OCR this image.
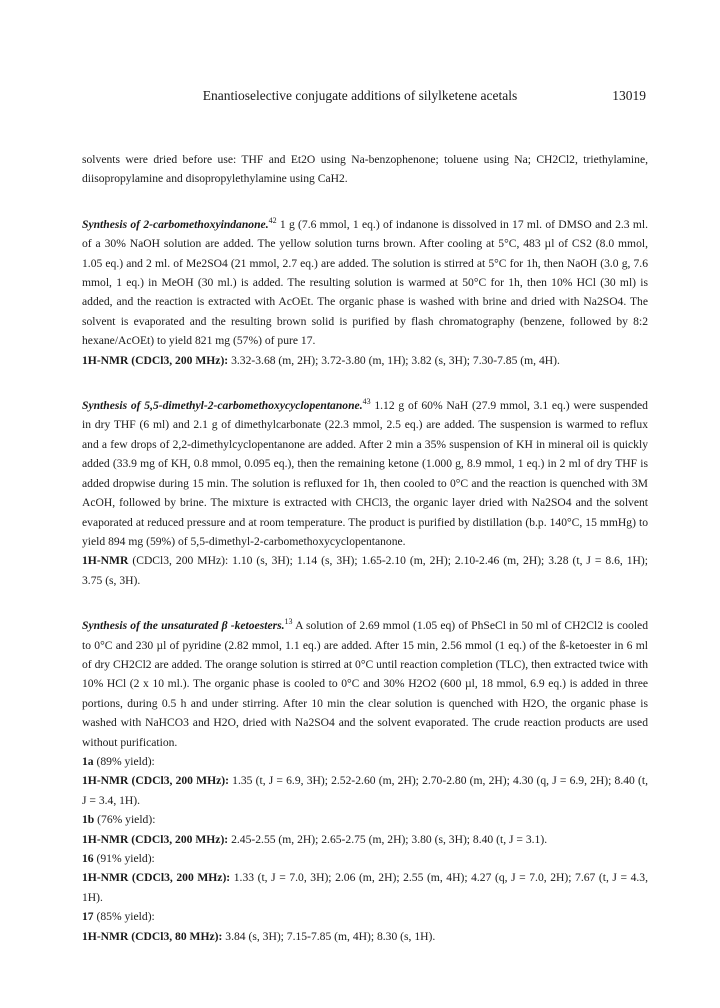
Enantioselective conjugate additions of silylketene acetals	13019

solvents were dried before use: THF and Et2O using Na-benzophenone; toluene using Na; CH2Cl2, triethylamine, diisopropylamine and disopropylethylamine using CaH2.

Synthesis of 2-carbomethoxyindanone.$^{42}$ 1 g (7.6 mmol, 1 eq.) of indanone is dissolved in 17 ml. of DMSO and 2.3 ml. of a 30% NaOH solution are added. The yellow solution turns brown. After cooling at 5°C, 483 µl of CS2 (8.0 mmol, 1.05 eq.) and 2 ml. of Me2SO4 (21 mmol, 2.7 eq.) are added. The solution is stirred at 5°C for 1h, then NaOH (3.0 g, 7.6 mmol, 1 eq.) in MeOH (30 ml.) is added. The resulting solution is warmed at 50°C for 1h, then 10% HCl (30 ml) is added, and the reaction is extracted with AcOEt. The organic phase is washed with brine and dried with Na2SO4. The solvent is evaporated and the resulting brown solid is purified by flash chromatography (benzene, followed by 8:2 hexane/AcOEt) to yield 821 mg (57%) of pure 17.

1H-NMR (CDCl3, 200 MHz): 3.32-3.68 (m, 2H); 3.72-3.80 (m, 1H); 3.82 (s, 3H); 7.30-7.85 (m, 4H).

Synthesis of 5,5-dimethyl-2-carbomethoxycyclopentanone.$^{43}$ 1.12 g of 60% NaH (27.9 mmol, 3.1 eq.) were suspended in dry THF (6 ml) and 2.1 g of dimethylcarbonate (22.3 mmol, 2.5 eq.) are added. The suspension is warmed to reflux and a few drops of 2,2-dimethylcyclopentanone are added. After 2 min a 35% suspension of KH in mineral oil is quickly added (33.9 mg of KH, 0.8 mmol, 0.095 eq.), then the remaining ketone (1.000 g, 8.9 mmol, 1 eq.) in 2 ml of dry THF is added dropwise during 15 min. The solution is refluxed for 1h, then cooled to 0°C and the reaction is quenched with 3M AcOH, followed by brine. The mixture is extracted with CHCl3, the organic layer dried with Na2SO4 and the solvent evaporated at reduced pressure and at room temperature. The product is purified by distillation (b.p. 140°C, 15 mmHg) to yield 894 mg (59%) of 5,5-dimethyl-2-carbomethoxycyclopentanone.

1H-NMR (CDCl3, 200 MHz): 1.10 (s, 3H); 1.14 (s, 3H); 1.65-2.10 (m, 2H); 2.10-2.46 (m, 2H); 3.28 (t, J = 8.6, 1H); 3.75 (s, 3H).

Synthesis of the unsaturated β -ketoesters.$^{13}$ A solution of 2.69 mmol (1.05 eq) of PhSeCl in 50 ml of CH2Cl2 is cooled to 0°C and 230 µl of pyridine (2.82 mmol, 1.1 eq.) are added. After 15 min, 2.56 mmol (1 eq.) of the ß-ketoester in 6 ml of dry CH2Cl2 are added. The orange solution is stirred at 0°C until reaction completion (TLC), then extracted twice with 10% HCl (2 x 10 ml.). The organic phase is cooled to 0°C and 30% H2O2 (600 µl, 18 mmol, 6.9 eq.) is added in three portions, during 0.5 h and under stirring. After 10 min the clear solution is quenched with H2O, the organic phase is washed with NaHCO3 and H2O, dried with Na2SO4 and the solvent evaporated. The crude reaction products are used without purification.

1a (89% yield):

1H-NMR (CDCl3, 200 MHz): 1.35 (t, J = 6.9, 3H); 2.52-2.60 (m, 2H); 2.70-2.80 (m, 2H); 4.30 (q, J = 6.9, 2H); 8.40 (t, J = 3.4, 1H).

1b (76% yield):

1H-NMR (CDCl3, 200 MHz): 2.45-2.55 (m, 2H); 2.65-2.75 (m, 2H); 3.80 (s, 3H); 8.40 (t, J = 3.1).

16 (91% yield):

1H-NMR (CDCl3, 200 MHz): 1.33 (t, J = 7.0, 3H); 2.06 (m, 2H); 2.55 (m, 4H); 4.27 (q, J = 7.0, 2H); 7.67 (t, J = 4.3, 1H).

17 (85% yield):

1H-NMR (CDCl3, 80 MHz): 3.84 (s, 3H); 7.15-7.85 (m, 4H); 8.30 (s, 1H).
